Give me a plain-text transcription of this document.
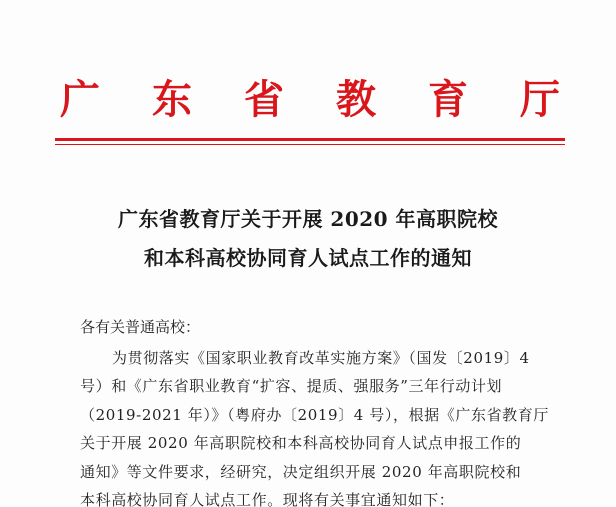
广 东 省 教 育 厅
广东省教育厅关于开展 2020 年高职院校
和本科高校协同育人试点工作的通知
各有关普通高校：
为贯彻落实《国家职业教育改革实施方案》（国发〔2019〕4
号）和《广东省职业教育“扩容、提质、强服务”三年行动计划
（2019-2021 年）》（粤府办〔2019〕4 号），根据《广东省教育厅
关于开展 2020 年高职院校和本科高校协同育人试点申报工作的
通知》等文件要求，经研究，决定组织开展 2020 年高职院校和
本科高校协同育人试点工作。现将有关事宜通知如下：
